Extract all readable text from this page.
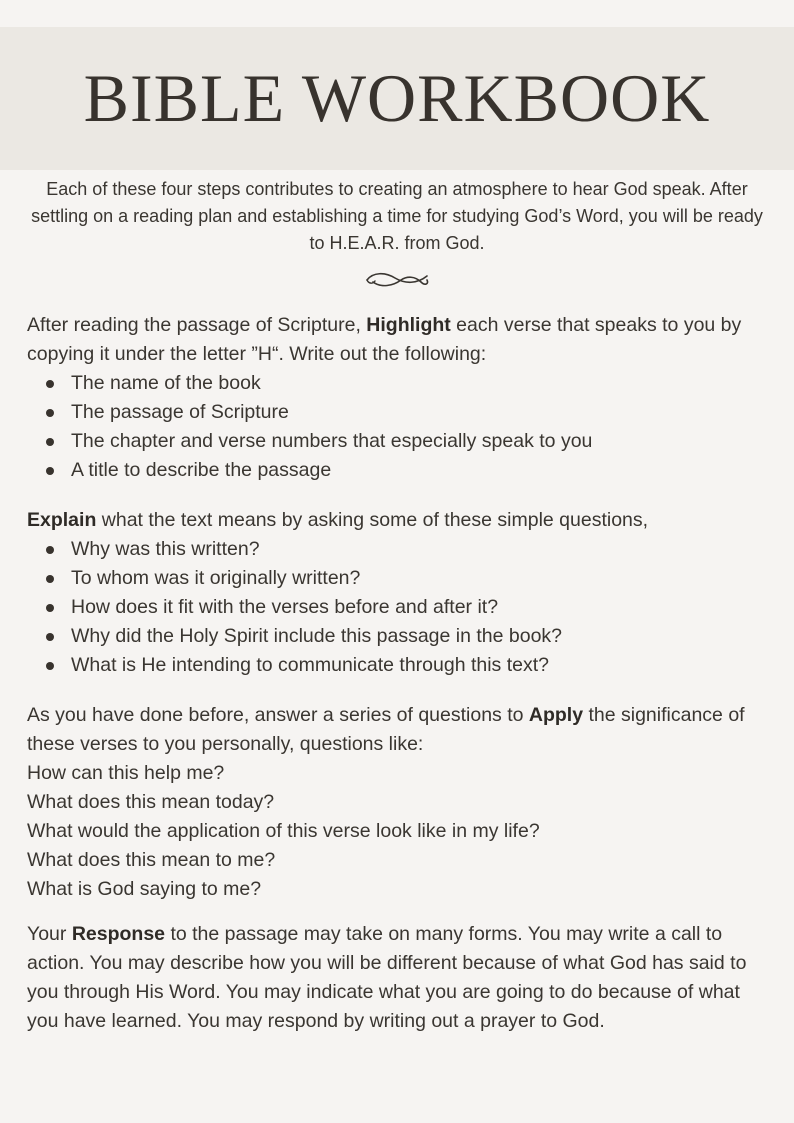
BIBLE WORKBOOK

Each of these four steps contributes to creating an atmosphere to hear God speak. After settling on a reading plan and establishing a time for studying God’s Word, you will be ready to H.E.A.R. from God.

After reading the passage of Scripture, Highlight each verse that speaks to you by copying it under the letter ”H“. Write out the following:

The name of the book
The passage of Scripture
The chapter and verse numbers that especially speak to you
A title to describe the passage

Explain what the text means by asking some of these simple questions,

Why was this written?
To whom was it originally written?
How does it fit with the verses before and after it?
Why did the Holy Spirit include this passage in the book?
What is He intending to communicate through this text?

As you have done before, answer a series of questions to Apply the significance of these verses to you personally, questions like:

How can this help me?

What does this mean today?

What would the application of this verse look like in my life?

What does this mean to me?

What is God saying to me?

Your Response to the passage may take on many forms. You may write a call to action. You may describe how you will be different because of what God has said to you through His Word. You may indicate what you are going to do because of what you have learned. You may respond by writing out a prayer to God.
